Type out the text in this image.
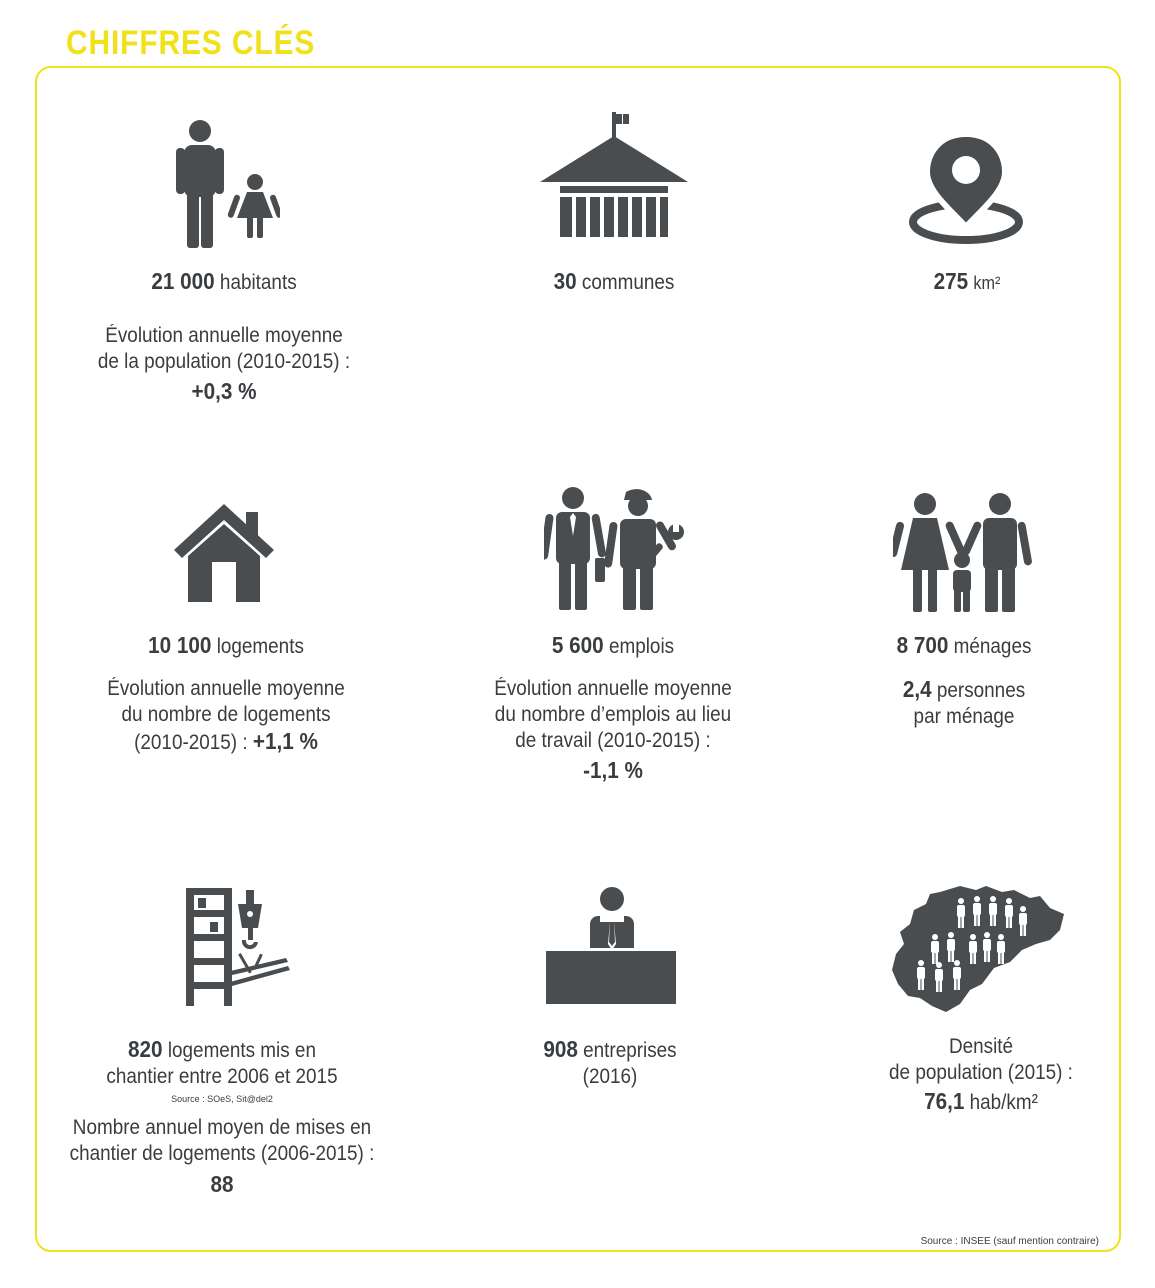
CHIFFRES CLÉS
21 000 habitants
Évolution annuelle moyenne
de la population (2010-2015) :
+0,3 %
30 communes	275 km²
10 100 logements
Évolution annuelle moyenne
du nombre de logements
(2010-2015) : +1,1 %
5 600 emplois
Évolution annuelle moyenne
du nombre d’emplois au lieu
de travail (2010-2015) :
-1,1 %
8 700 ménages
2,4 personnes
par ménage
820 logements mis en
chantier entre 2006 et 2015
Source : SOeS, Sit@del2
Nombre annuel moyen de mises en
chantier de logements (2006-2015) :
88
908 entreprises
(2016)
Densité
de population (2015) :
76,1 hab/km²
Source : INSEE (sauf mention contraire)
